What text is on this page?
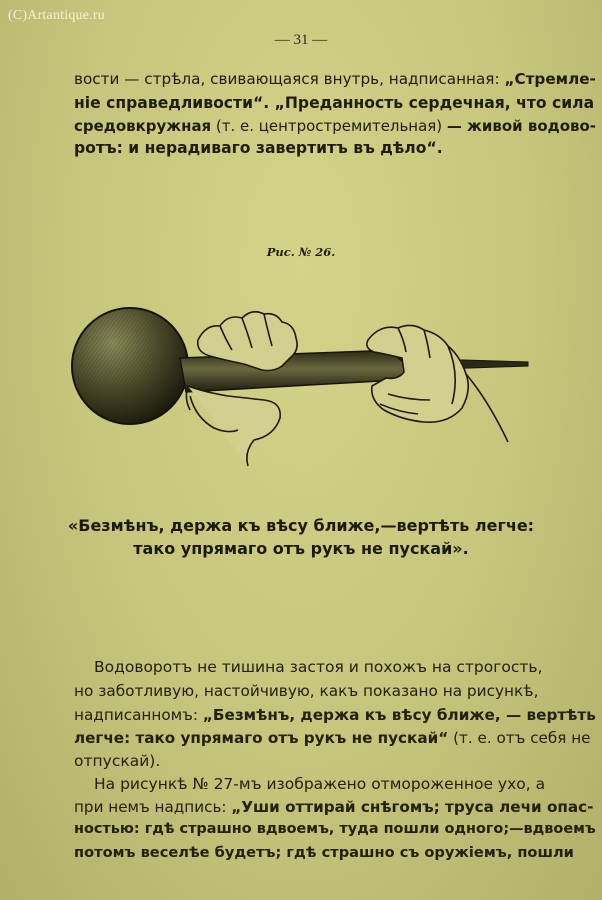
(C)Artantique.ru
— 31 —
вости — стрѣла, свивающаяся внутрь, надписанная: „Стремле-
нiе справедливости“. „Преданность сердечная, что сила
средовкружная (т. е. центростремительная) — живой водово-
ротъ: и нерадиваго завертитъ въ дѣло“.
Рис. № 26.
«Безмѣнъ, держа къ вѣсу ближе,—вертѣть легче:
тако упрямаго отъ рукъ не пускай».
Водоворотъ не тишина застоя и похожъ на строгость,
но заботливую, настойчивую, какъ показано на рисункѣ,
надписанномъ: „Безмѣнъ, держа къ вѣсу ближе, — вертѣть
легче: тако упрямаго отъ рукъ не пускай“ (т. е. отъ себя не
отпускай).
На рисункѣ № 27-мъ изображено отмороженное ухо, а
при немъ надпись: „Уши оттирай снѣгомъ; труса лечи опас-
ностью: гдѣ страшно вдвоемъ, туда пошли одного;—вдвоемъ
потомъ веселѣе будетъ; гдѣ страшно съ оружiемъ, пошли
